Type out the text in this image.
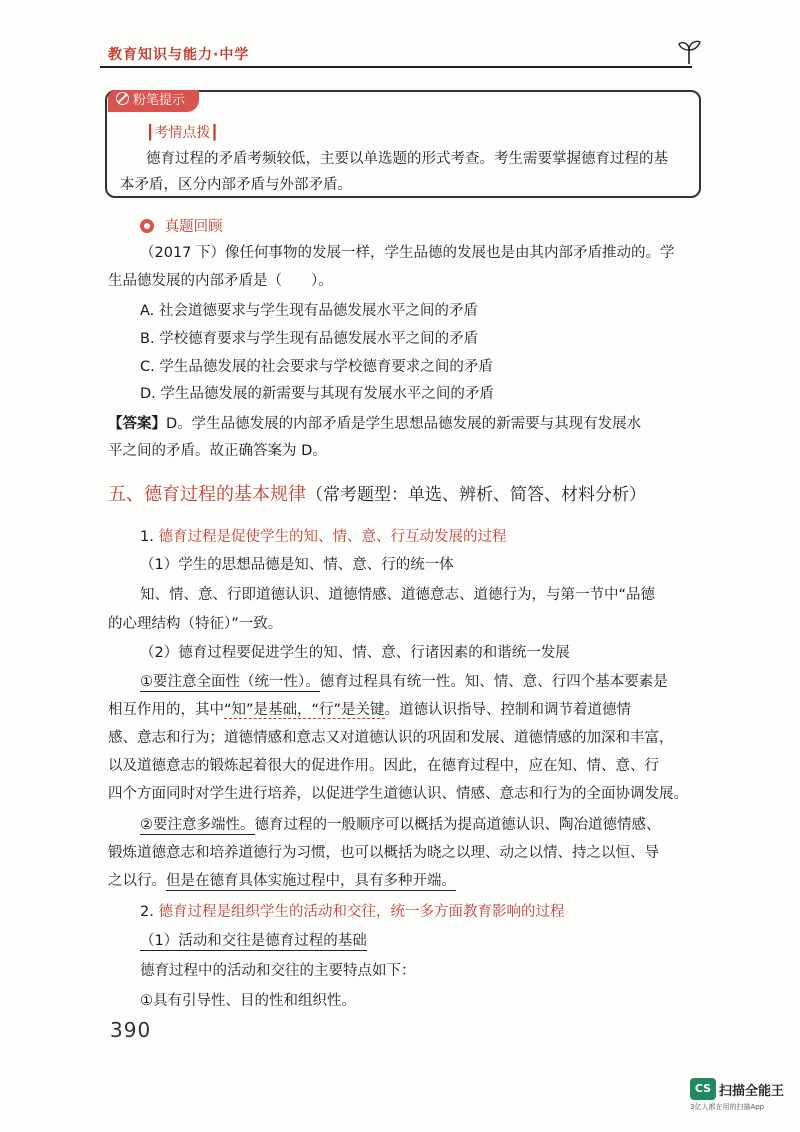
教育知识与能力·中学
粉笔提示
┃考情点拨┃
德育过程的矛盾考频较低，主要以单选题的形式考查。考生需要掌握德育过程的基
本矛盾，区分内部矛盾与外部矛盾。
真题回顾
（2017 下）像任何事物的发展一样，学生品德的发展也是由其内部矛盾推动的。学
生品德发展的内部矛盾是（　　）。
A. 社会道德要求与学生现有品德发展水平之间的矛盾
B. 学校德育要求与学生现有品德发展水平之间的矛盾
C. 学生品德发展的社会要求与学校德育要求之间的矛盾
D. 学生品德发展的新需要与其现有发展水平之间的矛盾
【答案】D。学生品德发展的内部矛盾是学生思想品德发展的新需要与其现有发展水
平之间的矛盾。故正确答案为 D。
五、德育过程的基本规律（常考题型：单选、辨析、简答、材料分析）
1. 德育过程是促使学生的知、情、意、行互动发展的过程
（1）学生的思想品德是知、情、意、行的统一体
知、情、意、行即道德认识、道德情感、道德意志、道德行为，与第一节中“品德
的心理结构（特征）”一致。
（2）德育过程要促进学生的知、情、意、行诸因素的和谐统一发展
①要注意全面性（统一性）。德育过程具有统一性。知、情、意、行四个基本要素是
相互作用的，其中“知”是基础，“行”是关键。道德认识指导、控制和调节着道德情
感、意志和行为；道德情感和意志又对道德认识的巩固和发展、道德情感的加深和丰富，
以及道德意志的锻炼起着很大的促进作用。因此，在德育过程中，应在知、情、意、行
四个方面同时对学生进行培养，以促进学生道德认识、情感、意志和行为的全面协调发展。
②要注意多端性。德育过程的一般顺序可以概括为提高道德认识、陶冶道德情感、
锻炼道德意志和培养道德行为习惯，也可以概括为晓之以理、动之以情、持之以恒、导
之以行。但是在德育具体实施过程中，具有多种开端。
2. 德育过程是组织学生的活动和交往，统一多方面教育影响的过程
（1）活动和交往是德育过程的基础
德育过程中的活动和交往的主要特点如下：
①具有引导性、目的性和组织性。
390
CS 扫描全能王
3亿人都在用的扫描App
